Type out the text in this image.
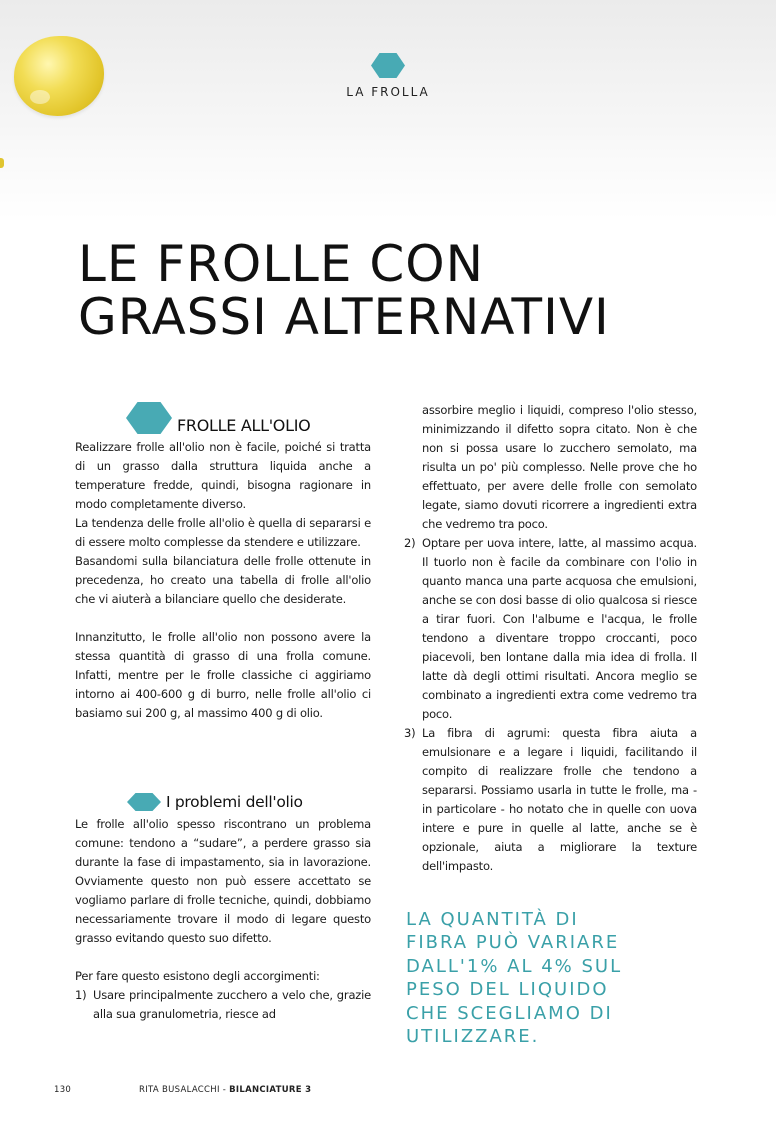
LA FROLLA
LE FROLLE CON
GRASSI ALTERNATIVI
FROLLE ALL'OLIO

Realizzare frolle all'olio non è facile, poiché si tratta di un grasso dalla struttura liquida anche a temperature fredde, quindi, bisogna ragionare in modo completamente diverso.

La tendenza delle frolle all'olio è quella di separarsi e di essere molto complesse da stendere e utilizzare.

Basandomi sulla bilanciatura delle frolle ottenute in precedenza, ho creato una tabella di frolle all'olio che vi aiuterà a bilanciare quello che desiderate.

Innanzitutto, le frolle all'olio non possono avere la stessa quantità di grasso di una frolla comune. Infatti, mentre per le frolle classiche ci aggiriamo intorno ai 400-600 g di burro, nelle frolle all'olio ci basiamo sui 200 g, al massimo 400 g di olio.

I problemi dell'olio

Le frolle all'olio spesso riscontrano un problema comune: tendono a “sudare”, a perdere grasso sia durante la fase di impastamento, sia in lavorazione. Ovviamente questo non può essere accettato se vogliamo parlare di frolle tecniche, quindi, dobbiamo necessariamente trovare il modo di legare questo grasso evitando questo suo difetto.

Per fare questo esistono degli accorgimenti:

1) Usare principalmente zucchero a velo che, grazie alla sua granulometria, riesce ad

assorbire meglio i liquidi, compreso l'olio stesso, minimizzando il difetto sopra citato. Non è che non si possa usare lo zucchero semolato, ma risulta un po' più complesso. Nelle prove che ho effettuato, per avere delle frolle con semolato legate, siamo dovuti ricorrere a ingredienti extra che vedremo tra poco.

2) Optare per uova intere, latte, al massimo acqua. Il tuorlo non è facile da combinare con l'olio in quanto manca una parte acquosa che emulsioni, anche se con dosi basse di olio qualcosa si riesce a tirar fuori. Con l'albume e l'acqua, le frolle tendono a diventare troppo croccanti, poco piacevoli, ben lontane dalla mia idea di frolla. Il latte dà degli ottimi risultati. Ancora meglio se combinato a ingredienti extra come vedremo tra poco.
3) La fibra di agrumi: questa fibra aiuta a emulsionare e a legare i liquidi, facilitando il compito di realizzare frolle che tendono a separarsi. Possiamo usarla in tutte le frolle, ma - in particolare - ho notato che in quelle con uova intere e pure in quelle al latte, anche se è opzionale, aiuta a migliorare la texture dell'impasto.
LA QUANTITÀ DI
FIBRA PUÒ VARIARE
DALL'1% AL 4% SUL
PESO DEL LIQUIDO
CHE SCEGLIAMO DI
UTILIZZARE.
130	RITA BUSALACCHI - BILANCIATURE 3
